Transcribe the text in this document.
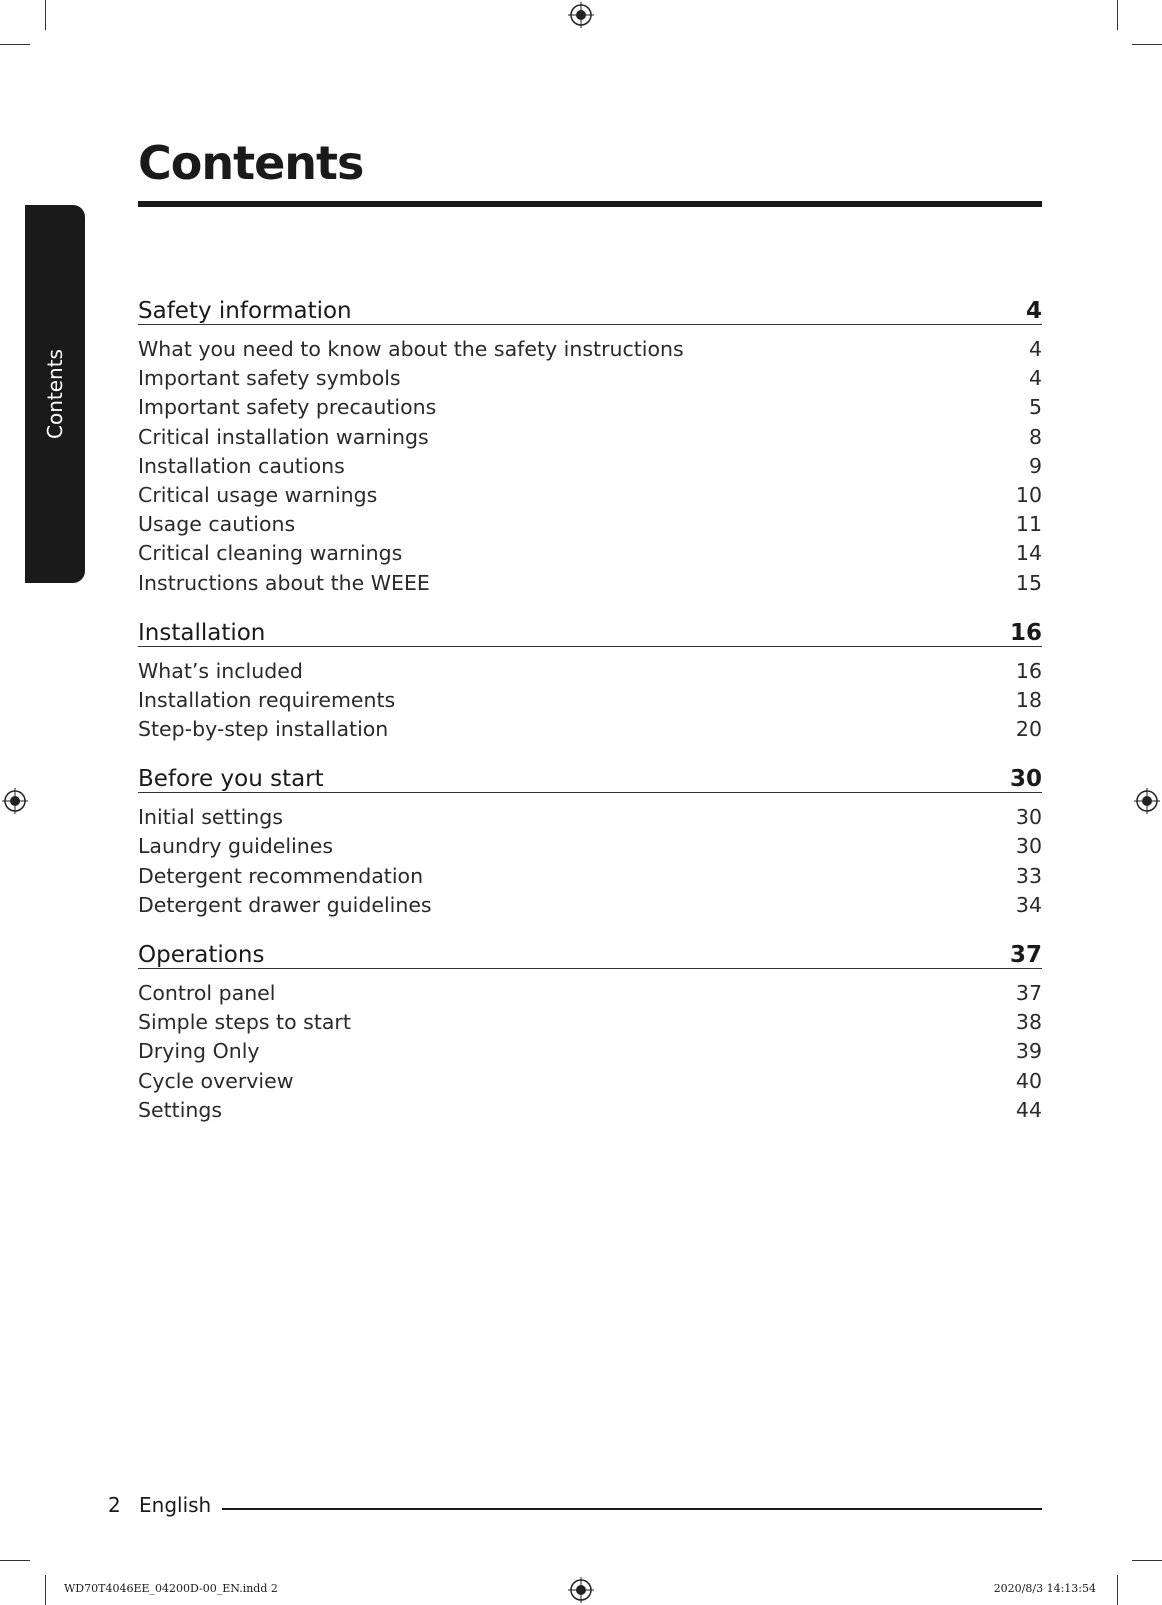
Contents
Contents
Safety information	4
What you need to know about the safety instructions	4
Important safety symbols	4
Important safety precautions	5
Critical installation warnings	8
Installation cautions	9
Critical usage warnings	10
Usage cautions	11
Critical cleaning warnings	14
Instructions about the WEEE	15
Installation	16
What’s included	16
Installation requirements	18
Step-by-step installation	20
Before you start	30
Initial settings	30
Laundry guidelines	30
Detergent recommendation	33
Detergent drawer guidelines	34
Operations	37
Control panel	37
Simple steps to start	38
Drying Only	39
Cycle overview	40
Settings	44
2 English
WD70T4046EE_04200D-00_EN.indd 2	2020/8/3 14:13:54
